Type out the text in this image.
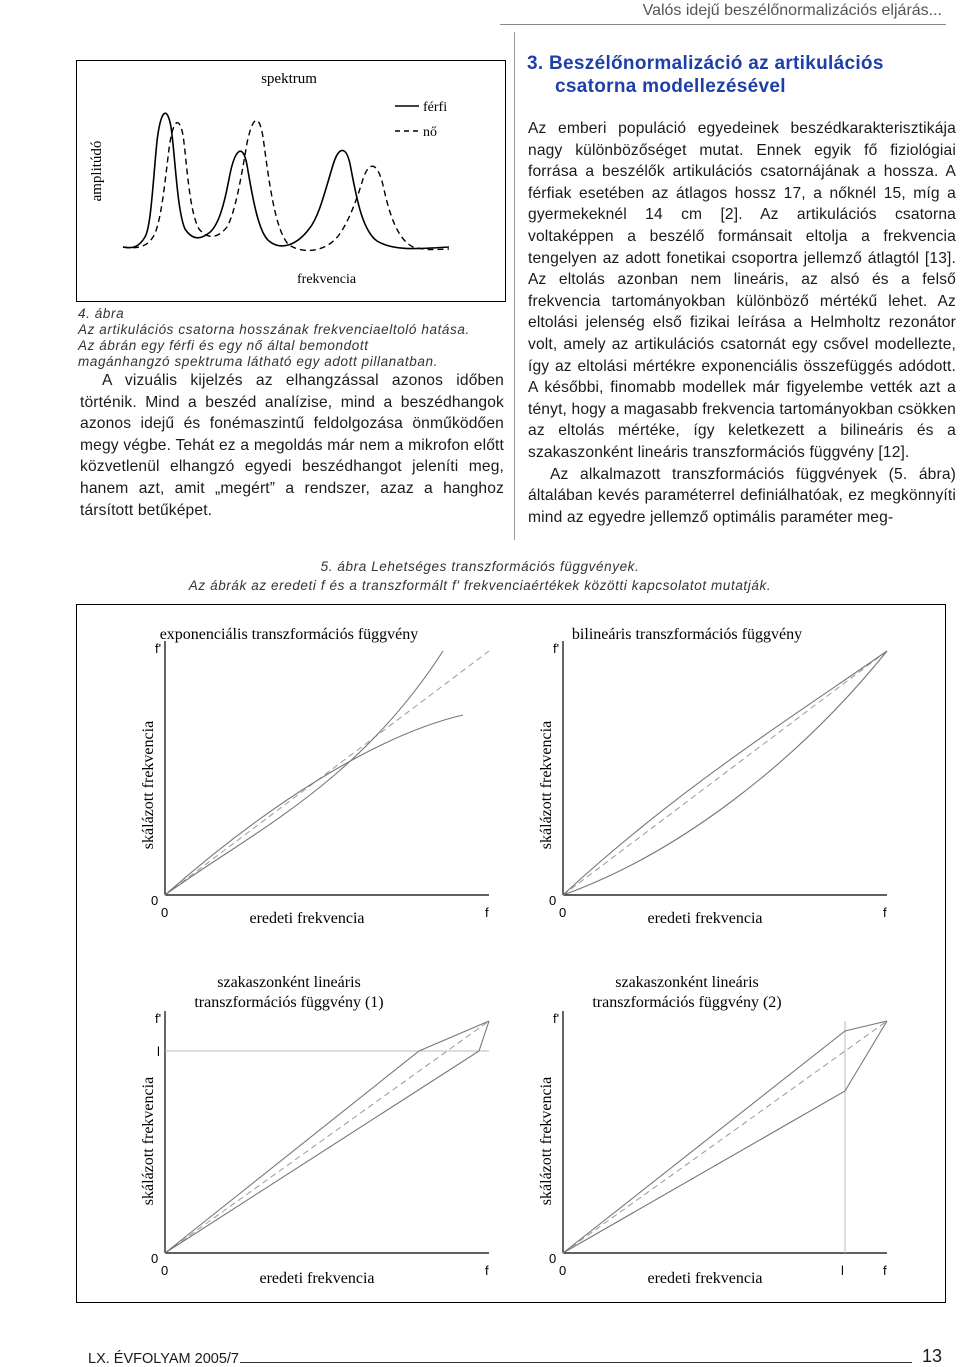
Valós idejű beszélőnormalizációs eljárás...
spektrum
amplitúdó
frekvencia
férfi
nő
4. ábra
Az artikulációs csatorna hosszának frekvenciaeltoló hatása.
Az ábrán egy férfi és egy nő által bemondott
magánhangzó spektruma látható egy adott pillanatban.

A vizuális kijelzés az elhangzással azonos időben történik. Mind a beszéd analízise, mind a beszédhangok azonos idejű és fonémaszintű feldolgozása önműködően megy végbe. Tehát ez a megoldás már nem a mikrofon előtt közvetlenül elhangzó egyedi beszédhangot jeleníti meg, hanem azt, amit „megért” a rendszer, azaz a hanghoz társított betűképet.

3. Beszélőnormalizáció az artikulációs
csatorna modellezésével

Az emberi populáció egyedeinek beszédkarakterisztikája nagy különbözőséget mutat. Ennek egyik fő fiziológiai forrása a beszélők artikulációs csatornájának a hossza. A férfiak esetében az átlagos hossz 17, a nőknél 15, míg a gyermekeknél 14 cm [2]. Az artikulációs csatorna voltaképpen a beszélő formánsait eltolja a frekvencia tengelyen az adott fonetikai csoportra jellemző átlagtól [13]. Az eltolás azonban nem lineáris, az alsó és a felső frekvencia tartományokban különböző mértékű lehet. Az eltolási jelenség első fizikai leírása a Helmholtz rezonátor volt, amely az artikulációs csatornát egy csővel modellezte, így az eltolási mértékre exponenciális összefüggés adódott. A későbbi, finomabb modellek már figyelembe vették azt a tényt, hogy a magasabb frekvencia tartományokban csökken az eltolás mértéke, így keletkezett a bilineáris és a szakaszonként lineáris transzformációs függvény [12].

Az alkalmazott transzformációs függvények (5. ábra) általában kevés paraméterrel definiálhatóak, ez megkönnyíti mind az egyedre jellemző optimális paraméter meg-

5. ábra Lehetséges transzformációs függvények.
Az ábrák az eredeti f és a transzformált f' frekvenciaértékek közötti kapcsolatot mutatják.
exponenciális transzformációs függvény
f'
0
0	f
eredeti frekvencia
skálázott frekvencia
bilineáris transzformációs függvény
f'
0
0	f
eredeti frekvencia
skálázott frekvencia
szakaszonként lineáris
transzformációs függvény (1)
f'
l
0
0	f
eredeti frekvencia
skálázott frekvencia
szakaszonként lineáris
transzformációs függvény (2)
f'
0
0	l	f
eredeti frekvencia
skálázott frekvencia
LX. ÉVFOLYAM 2005/7	13
